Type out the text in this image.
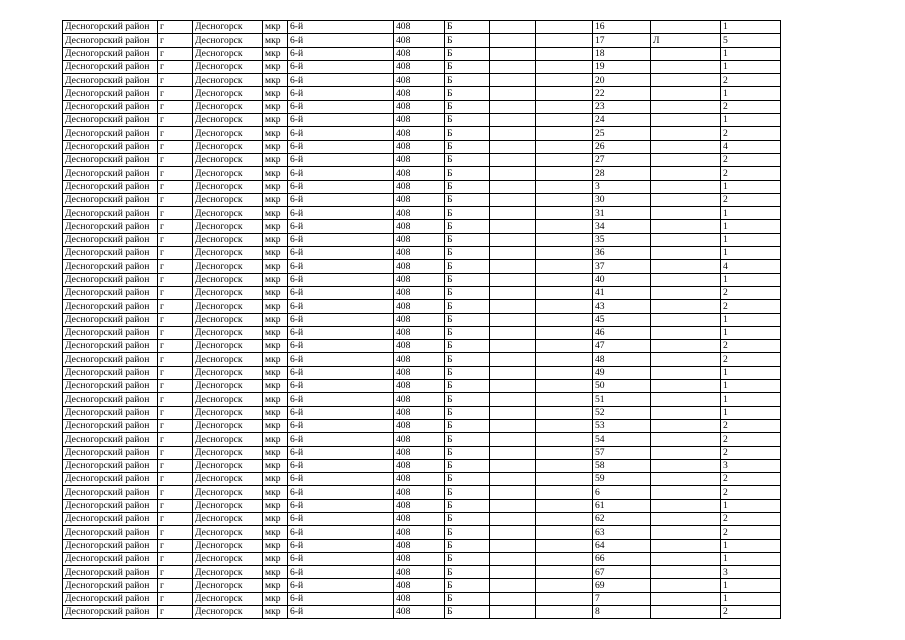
Десногорский район	г	Десногорск	мкр	6-й	408	Б			16		1
Десногорский район	г	Десногорск	мкр	6-й	408	Б			17	Л	5
Десногорский район	г	Десногорск	мкр	6-й	408	Б			18		1
Десногорский район	г	Десногорск	мкр	6-й	408	Б			19		1
Десногорский район	г	Десногорск	мкр	6-й	408	Б			20		2
Десногорский район	г	Десногорск	мкр	6-й	408	Б			22		1
Десногорский район	г	Десногорск	мкр	6-й	408	Б			23		2
Десногорский район	г	Десногорск	мкр	6-й	408	Б			24		1
Десногорский район	г	Десногорск	мкр	6-й	408	Б			25		2
Десногорский район	г	Десногорск	мкр	6-й	408	Б			26		4
Десногорский район	г	Десногорск	мкр	6-й	408	Б			27		2
Десногорский район	г	Десногорск	мкр	6-й	408	Б			28		2
Десногорский район	г	Десногорск	мкр	6-й	408	Б			3		1
Десногорский район	г	Десногорск	мкр	6-й	408	Б			30		2
Десногорский район	г	Десногорск	мкр	6-й	408	Б			31		1
Десногорский район	г	Десногорск	мкр	6-й	408	Б			34		1
Десногорский район	г	Десногорск	мкр	6-й	408	Б			35		1
Десногорский район	г	Десногорск	мкр	6-й	408	Б			36		1
Десногорский район	г	Десногорск	мкр	6-й	408	Б			37		4
Десногорский район	г	Десногорск	мкр	6-й	408	Б			40		1
Десногорский район	г	Десногорск	мкр	6-й	408	Б			41		2
Десногорский район	г	Десногорск	мкр	6-й	408	Б			43		2
Десногорский район	г	Десногорск	мкр	6-й	408	Б			45		1
Десногорский район	г	Десногорск	мкр	6-й	408	Б			46		1
Десногорский район	г	Десногорск	мкр	6-й	408	Б			47		2
Десногорский район	г	Десногорск	мкр	6-й	408	Б			48		2
Десногорский район	г	Десногорск	мкр	6-й	408	Б			49		1
Десногорский район	г	Десногорск	мкр	6-й	408	Б			50		1
Десногорский район	г	Десногорск	мкр	6-й	408	Б			51		1
Десногорский район	г	Десногорск	мкр	6-й	408	Б			52		1
Десногорский район	г	Десногорск	мкр	6-й	408	Б			53		2
Десногорский район	г	Десногорск	мкр	6-й	408	Б			54		2
Десногорский район	г	Десногорск	мкр	6-й	408	Б			57		2
Десногорский район	г	Десногорск	мкр	6-й	408	Б			58		3
Десногорский район	г	Десногорск	мкр	6-й	408	Б			59		2
Десногорский район	г	Десногорск	мкр	6-й	408	Б			6		2
Десногорский район	г	Десногорск	мкр	6-й	408	Б			61		1
Десногорский район	г	Десногорск	мкр	6-й	408	Б			62		2
Десногорский район	г	Десногорск	мкр	6-й	408	Б			63		2
Десногорский район	г	Десногорск	мкр	6-й	408	Б			64		1
Десногорский район	г	Десногорск	мкр	6-й	408	Б			66		1
Десногорский район	г	Десногорск	мкр	6-й	408	Б			67		3
Десногорский район	г	Десногорск	мкр	6-й	408	Б			69		1
Десногорский район	г	Десногорск	мкр	6-й	408	Б			7		1
Десногорский район	г	Десногорск	мкр	6-й	408	Б			8		2
